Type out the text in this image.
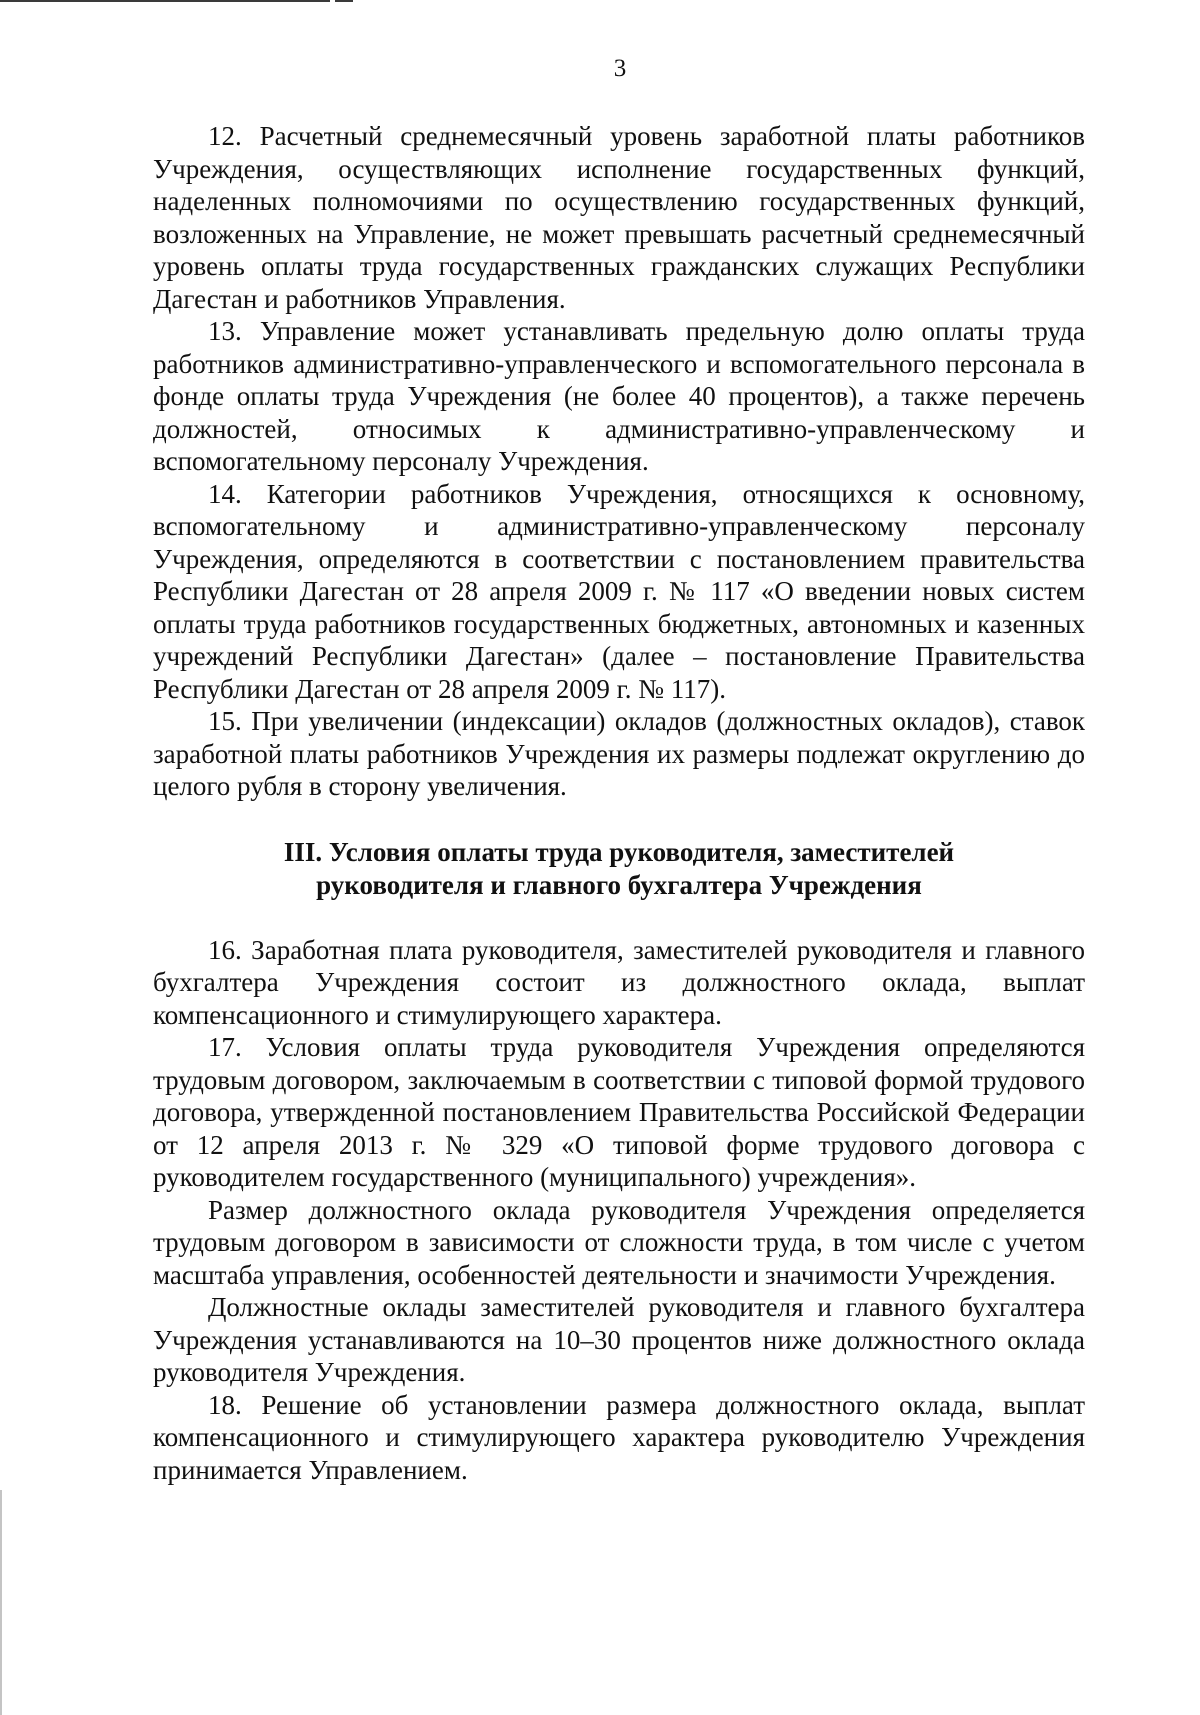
3

12. Расчетный среднемесячный уровень заработной платы работников Учреждения, осуществляющих исполнение государственных функций, наделенных полномочиями по осуществлению государственных функций, возложенных на Управление, не может превышать расчетный среднемесячный уровень оплаты труда государственных гражданских служащих Республики Дагестан и работников Управления.

13. Управление может устанавливать предельную долю оплаты труда работников административно-управленческого и вспомогательного персонала в фонде оплаты труда Учреждения (не более 40 процентов), а также перечень должностей, относимых к административно-управленческому и вспомогательному персоналу Учреждения.

14. Категории работников Учреждения, относящихся к основному, вспомогательному и административно-управленческому персоналу Учреждения, определяются в соответствии с постановлением правительства Республики Дагестан от 28 апреля 2009 г. № 117 «О введении новых систем оплаты труда работников государственных бюджетных, автономных и казенных учреждений Республики Дагестан» (далее – постановление Правительства Республики Дагестан от 28 апреля 2009 г. № 117).

15. При увеличении (индексации) окладов (должностных окладов), ставок заработной платы работников Учреждения их размеры подлежат округлению до целого рубля в сторону увеличения.

III. Условия оплаты труда руководителя, заместителей
руководителя и главного бухгалтера Учреждения

16. Заработная плата руководителя, заместителей руководителя и главного бухгалтера Учреждения состоит из должностного оклада, выплат компенсационного и стимулирующего характера.

17. Условия оплаты труда руководителя Учреждения определяются трудовым договором, заключаемым в соответствии с типовой формой трудового договора, утвержденной постановлением Правительства Российской Федерации от 12 апреля 2013 г. № 329 «О типовой форме трудового договора с руководителем государственного (муниципального) учреждения».

Размер должностного оклада руководителя Учреждения определяется трудовым договором в зависимости от сложности труда, в том числе с учетом масштаба управления, особенностей деятельности и значимости Учреждения.

Должностные оклады заместителей руководителя и главного бухгалтера Учреждения устанавливаются на 10–30 процентов ниже должностного оклада руководителя Учреждения.

18. Решение об установлении размера должностного оклада, выплат компенсационного и стимулирующего характера руководителю Учреждения принимается Управлением.
